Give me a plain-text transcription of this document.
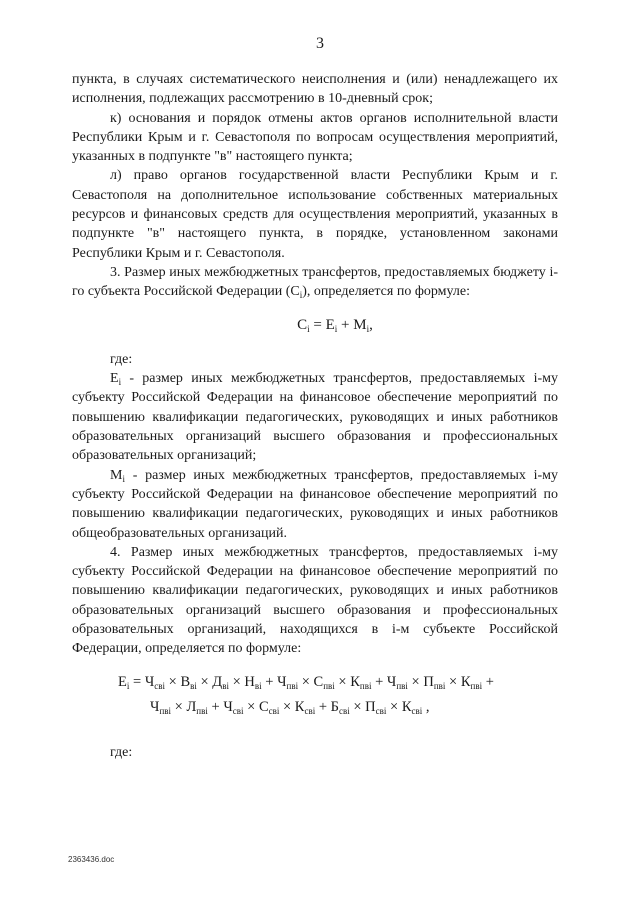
3

пункта, в случаях систематического неисполнения и (или) ненадлежащего их исполнения, подлежащих рассмотрению в 10-дневный срок;

к) основания и порядок отмены актов органов исполнительной власти Республики Крым и г. Севастополя по вопросам осуществления мероприятий, указанных в подпункте "в" настоящего пункта;

л) право органов государственной власти Республики Крым и г. Севастополя на дополнительное использование собственных материальных ресурсов и финансовых средств для осуществления мероприятий, указанных в подпункте "в" настоящего пункта, в порядке, установленном законами Республики Крым и г. Севастополя.

3. Размер иных межбюджетных трансфертов, предоставляемых бюджету i-го субъекта Российской Федерации $(C_i)$, определяется по формуле:

$C_i = E_i + M_i$,

где:

$E_i$ - размер иных межбюджетных трансфертов, предоставляемых i-му субъекту Российской Федерации на финансовое обеспечение мероприятий по повышению квалификации педагогических, руководящих и иных работников образовательных организаций высшего образования и профессиональных образовательных организаций;

$M_i$ - размер иных межбюджетных трансфертов, предоставляемых i-му субъекту Российской Федерации на финансовое обеспечение мероприятий по повышению квалификации педагогических, руководящих и иных работников общеобразовательных организаций.

4. Размер иных межбюджетных трансфертов, предоставляемых i-му субъекту Российской Федерации на финансовое обеспечение мероприятий по повышению квалификации педагогических, руководящих и иных работников образовательных организаций высшего образования и профессиональных образовательных организаций, находящихся в i-м субъекте Российской Федерации, определяется по формуле:

$E_i = Ч_{свi} \times В_{вi} \times Д_{вi} \times Н_{вi} + Ч_{пвi} \times С_{пвi} \times К_{пвi} + Ч_{пвi} \times П_{пвi} \times К_{пвi}$ +

$Ч_{пвi} \times Л_{пвi} + Ч_{свi} \times С_{свi} \times К_{свi} + Б_{свi} \times П_{свi} \times К_{свi}$ ,

где:

2363436.doc
